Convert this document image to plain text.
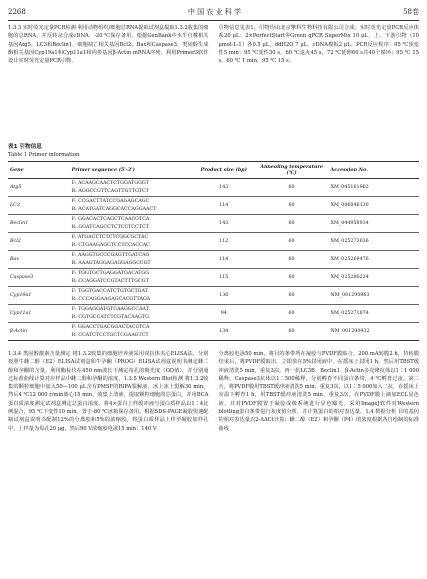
2268	中 国 农 业 科 学	58卷

1.3.3 实时荧光定量PCR检测 利用动物组织/细胞总RNA提取试剂盒提取1.3.2收集的细胞的总RNA，并反转录合成cDNA，-20 ℃保存备用。根据GenBank中水牛自噬相关基因Atg5、LC3和Beclin1、细胞凋亡相关基因Bcl2、Bax和Caspase3、类固醇生成酶相关基因Cyp19a1和Cyp11a1和内参基因β-Actin mRNA序列，利用Primer3软件设计实时荧光定量PCR引物，

引物信息见表1。引物均由北京擎科生物科技有限公司合成。实时荧光定量PCR反应体系20 μL：2×PerfectStart®Green qPCR SuperMix 10 μL，上、下游引物（10 μmol·L-1）各0.5 μL，ddH2O 7 μL，cDNA模板2 μL。PCR反应程序：95 ℃预变性5 min；95 ℃变性30 s，60 ℃退火45 s，72 ℃延伸60 s共40个循环；95 ℃ 15 s，60 ℃ 1 min，95 ℃ 15 s。

表1 引物信息
Table 1 Primer information
Gene	Primer sequence (5'-3')	Product size (bp)	Annealing temperature (℃)	Accession No.
Atg5	F: ACAAGCAACTCTGGATGGGT	143	60	XM_045161962
	R: AGGCCGTTCAGTTGTTGTCT			
LC3	F: CCGACTTATCCGAGAGCAGC	114	60	XM_006046130
	R: ACATGATCAGGCACCAGGAACT			
Beclin1	F: GGACACTCAGCTCAACGTCA	143	60	XM_044958934
	R: GGATCAGCCTCTCCTCCTCT			
Bcl2	F: ATGACTTCTCTCGGCGCTAC	112	60	XM_025273636
	R: CTGAAGAGCTCCTCCACCAC			
Bax	F: AAGGTGCCCGAGTTGATCAG	114	60	XM_025269476
	R: AAAGTAGGAGAGGAGGCCGT			
Caspase3	F: TGGTGCTGAGGATGACATGG	115	60	XM_025280224
	R: CCAGGATCCGTACTTTGCGT			
Cyp19a1	F: TGGTGACCATCTGTGCTGAT	136	60	NM_001290963
	R: CCCAGGAAGAGCACGTTAGA			
Cyp11a1	F: TGGAGGATGTCAAGGCCAAT	94	60	XM_025271874
	R: CGTGCCATCTCGTACAAGTG			
β-Actin	F: GGACCTGACGGACTACCTCA	134	60	NM_001290932
	R: CCATCTCCTGCTCGAAGTCT			

1.3.4 类固醇激素含量测定 将1.3.2收集的细胞培养液采用双抗体夹心ELISA法，分别按照牛雌二醇（E2）ELISA试剂盒和牛孕酮（PROG）ELISA试剂盒说明书测定雌二醇和孕酮的含量。利用酶标仪在450 nm波长下测定每孔的吸光度（OD值），并分别通过标准曲线计算对应样品中雌二醇和孕酮的浓度。1.3.5 Western Blot检测 将1.3.2收集的颗粒细胞中加入50—100 μL含有PMSF的RIPA裂解液，冰上冰上裂解30 min，然后4 ℃12 000 r/min离心15 min，收集上清液，提取颗粒细胞的总蛋白，并用BCA蛋白质浓度测定试剂盒测定总蛋白浓度。将4×蛋白上样缓冲液与蛋白质样品以1∶4比例混合，95 ℃下变性10 min。置于-80 ℃冰箱保存备用。根据SDS-PAGE凝胶快速配制试剂盒说明书配制12%的分离胶和5%的浓缩胶，将蛋白质样品上样至凝胶加样孔中，上样量为每孔20 μg，然后90 V浓缩胶电泳15 min；140 V

分离胶电泳50 min，将目的条带所在凝胶与PVDF膜贴合，200 mA转膜2 h，待转膜结束后，将PVDF膜取出，立即放在5%封闭液中，在摇床上封闭1 h。然后用TBST缓冲液清洗5 min，重复3次，再一抗LC3B、Beclin1、β-Actin多克隆抗体以1∶1 000稀释，Caspase3抗体以1∶500稀释，分别孵育不同蛋白条带，4 ℃孵育过夜。第二天，将PVDF膜用TBST缓冲液清洗5 min，重复3次，以1∶5 000加入二抗，在摇床上室温下孵育1 h，用TBST缓冲液清洗5 min，重复3次，在PVDF膜上滴加ECL显色液，并对PVDF膜置于凝胶成像系统进行显色曝光。采用ImageJ软件对Western blotting蛋白条带进行灰度值分析，并计算蛋白的相对表达量。1.4 数据分析 目的基因的相对表达量以2-ΔΔCt计算；雌二醇（E2）和孕酮（P4）的浓度根据各自绘制的标准曲线
